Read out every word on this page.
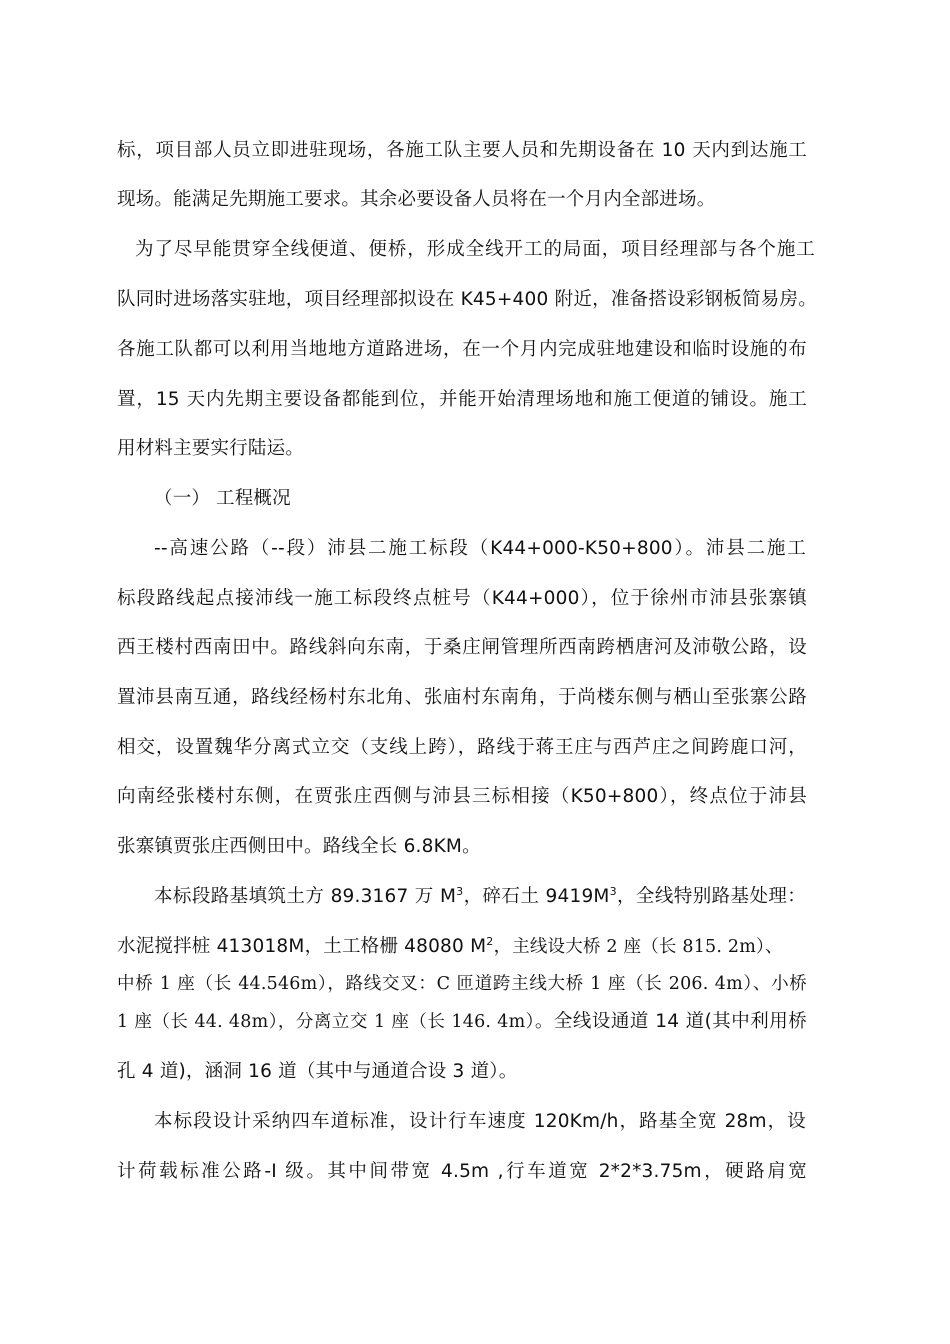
标，项目部人员立即进驻现场，各施工队主要人员和先期设备在 10 天内到达施工
现场。能满足先期施工要求。其余必要设备人员将在一个月内全部进场。
为了尽早能贯穿全线便道、便桥，形成全线开工的局面，项目经理部与各个施工
队同时进场落实驻地，项目经理部拟设在 K45+400 附近，准备搭设彩钢板简易房。
各施工队都可以利用当地地方道路进场，在一个月内完成驻地建设和临时设施的布
置，15 天内先期主要设备都能到位，并能开始清理场地和施工便道的铺设。施工
用材料主要实行陆运。
（一） 工程概况
--高速公路（--段）沛县二施工标段（K44+000-K50+800）。沛县二施工
标段路线起点接沛线一施工标段终点桩号（K44+000），位于徐州市沛县张寨镇
西王楼村西南田中。路线斜向东南，于桑庄闸管理所西南跨栖唐河及沛敬公路，设
置沛县南互通，路线经杨村东北角、张庙村东南角，于尚楼东侧与栖山至张寨公路
相交，设置魏华分离式立交（支线上跨），路线于蒋王庄与西芦庄之间跨鹿口河，
向南经张楼村东侧，在贾张庄西侧与沛县三标相接（K50+800），终点位于沛县
张寨镇贾张庄西侧田中。路线全长 6.8KM。
本标段路基填筑土方 89.3167 万 $M^3$，碎石土 $9419M^3$，全线特别路基处理：
水泥搅拌桩 413018M，土工格栅 48080 $M^2$，主线设大桥 2 座（长 815. 2m）、
中桥 1 座（长 44.546m），路线交叉：C 匝道跨主线大桥 1 座（长 206. 4m）、小桥
1 座（长 44. 48m），分离立交 1 座（长 146. 4m）。全线设通道 14 道(其中利用桥
孔 4 道)，涵洞 16 道（其中与通道合设 3 道）。
本标段设计采纳四车道标准，设计行车速度 120Km/h，路基全宽 28m，设
计荷载标准公路-I 级。其中间带宽 4.5m ,行车道宽 2*2*3.75m，硬路肩宽
